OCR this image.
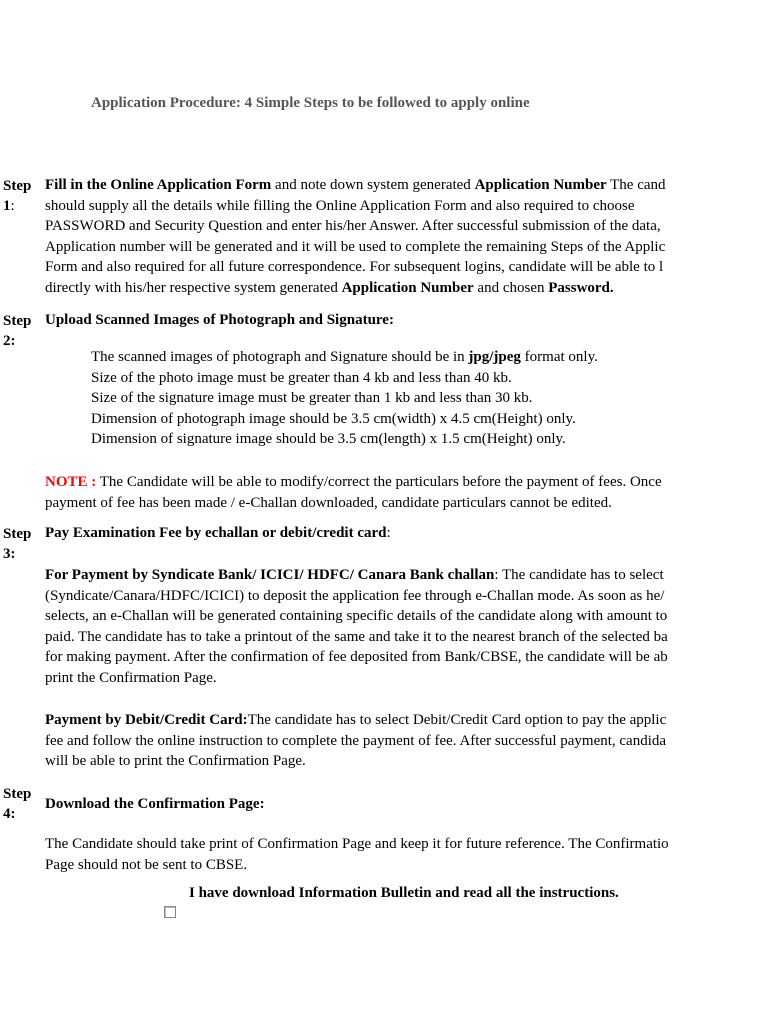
Application Procedure: 4 Simple Steps to be followed to apply online
Step
1:
Fill in the Online Application Form and note down system generated Application Number The cand
should supply all the details while filling the Online Application Form and also required to choose
PASSWORD and Security Question and enter his/her Answer. After successful submission of the data,
Application number will be generated and it will be used to complete the remaining Steps of the Applic
Form and also required for all future correspondence. For subsequent logins, candidate will be able to l
directly with his/her respective system generated Application Number and chosen Password.
Step
2:
Upload Scanned Images of Photograph and Signature:
The scanned images of photograph and Signature should be in jpg/jpeg format only.
Size of the photo image must be greater than 4 kb and less than 40 kb.
Size of the signature image must be greater than 1 kb and less than 30 kb.
Dimension of photograph image should be 3.5 cm(width) x 4.5 cm(Height) only.
Dimension of signature image should be 3.5 cm(length) x 1.5 cm(Height) only.
NOTE : The Candidate will be able to modify/correct the particulars before the payment of fees. Once
payment of fee has been made / e-Challan downloaded, candidate particulars cannot be edited.
Step
3:
Pay Examination Fee by echallan or debit/credit card:
For Payment by Syndicate Bank/ ICICI/ HDFC/ Canara Bank challan: The candidate has to select
(Syndicate/Canara/HDFC/ICICI) to deposit the application fee through e-Challan mode. As soon as he/
selects, an e-Challan will be generated containing specific details of the candidate along with amount to
paid. The candidate has to take a printout of the same and take it to the nearest branch of the selected ba
for making payment. After the confirmation of fee deposited from Bank/CBSE, the candidate will be ab
print the Confirmation Page.
Payment by Debit/Credit Card:The candidate has to select Debit/Credit Card option to pay the applic
fee and follow the online instruction to complete the payment of fee. After successful payment, candida
will be able to print the Confirmation Page.
Step
4:
Download the Confirmation Page:
The Candidate should take print of Confirmation Page and keep it for future reference. The Confirmatio
Page should not be sent to CBSE.
I have download Information Bulletin and read all the instructions.
